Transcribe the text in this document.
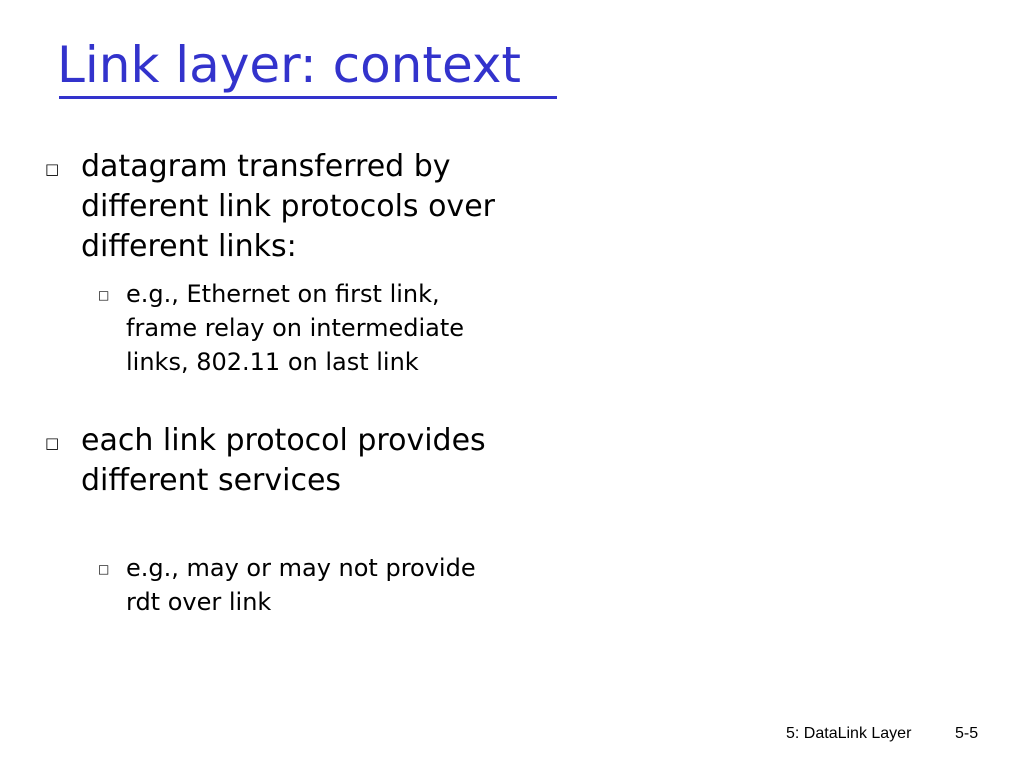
Link layer: context
□ datagram transferred by different link protocols over different links:
□ e.g., Ethernet on first link, frame relay on intermediate links, 802.11 on last link
□ each link protocol provides different services
□ e.g., may or may not provide rdt over link
5: DataLink Layer	5-5
